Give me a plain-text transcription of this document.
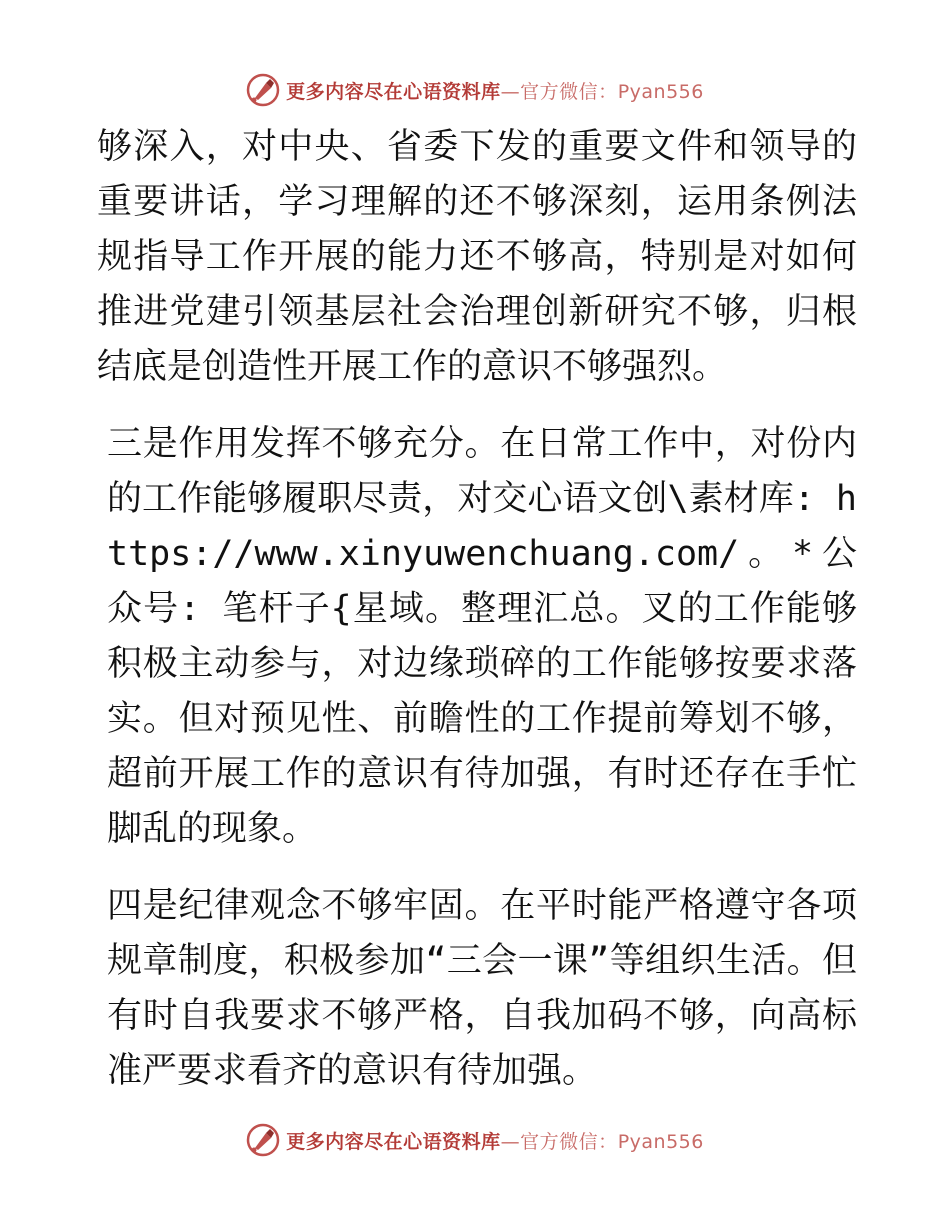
更多内容尽在心语资料库—官方微信：Pyan556

够深入，对中央、省委下发的重要文件和领导的重要讲话，学习理解的还不够深刻，运用条例法规指导工作开展的能力还不够高，特别是对如何推进党建引领基层社会治理创新研究不够，归根结底是创造性开展工作的意识不够强烈。

三是作用发挥不够充分。在日常工作中，对份内的工作能够履职尽责，对交心语文创\素材库: https://www.xinyuwenchuang.com/。*公众号: 笔杆子{星域。整理汇总。叉的工作能够积极主动参与，对边缘琐碎的工作能够按要求落实。但对预见性、前瞻性的工作提前筹划不够，超前开展工作的意识有待加强，有时还存在手忙脚乱的现象。

四是纪律观念不够牢固。在平时能严格遵守各项规章制度，积极参加“三会一课”等组织生活。但有时自我要求不够严格，自我加码不够，向高标准严要求看齐的意识有待加强。

更多内容尽在心语资料库—官方微信：Pyan556
